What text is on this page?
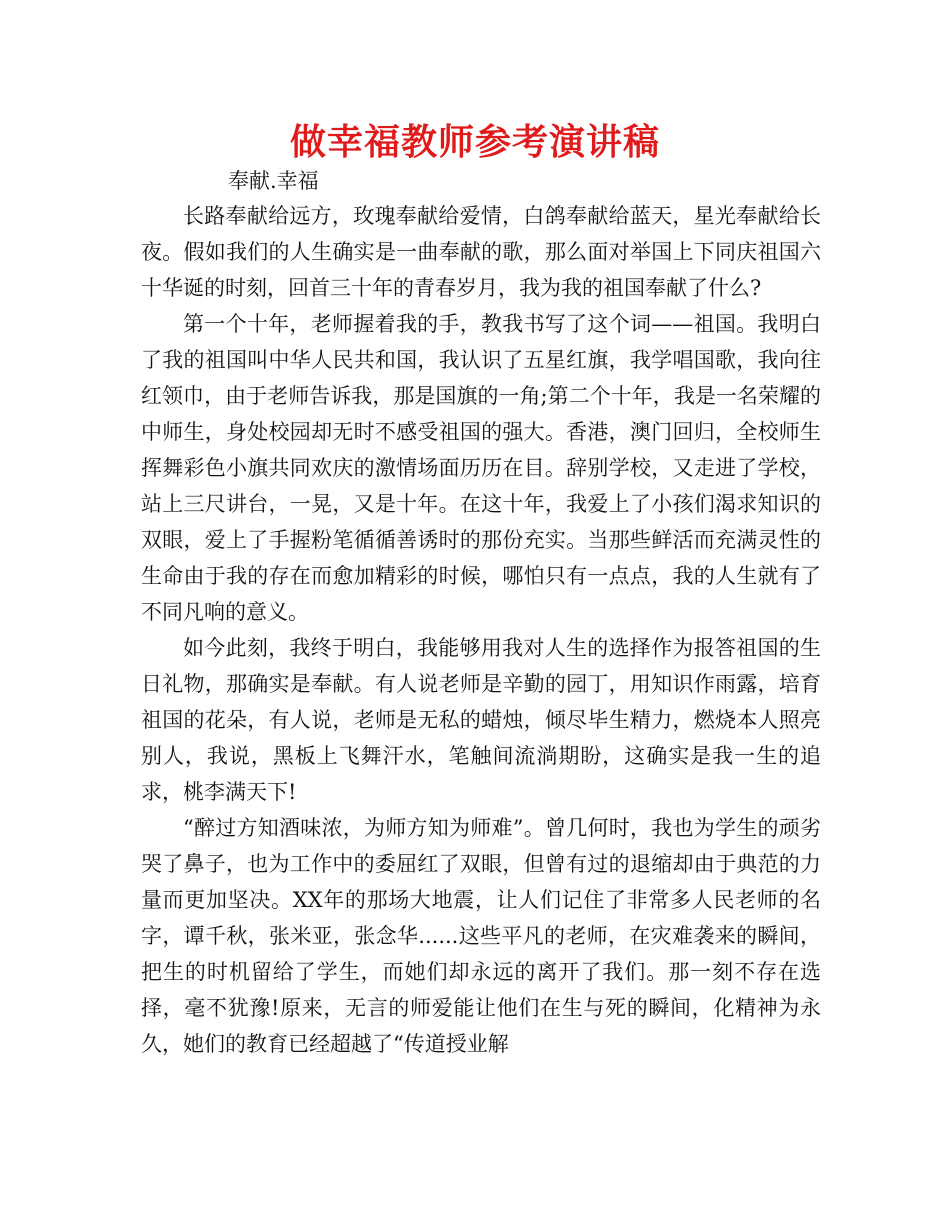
做幸福教师参考演讲稿
奉献.幸福

长路奉献给远方，玫瑰奉献给爱情，白鸽奉献给蓝天，星光奉献给长夜。假如我们的人生确实是一曲奉献的歌，那么面对举国上下同庆祖国六十华诞的时刻，回首三十年的青春岁月，我为我的祖国奉献了什么?

第一个十年，老师握着我的手，教我书写了这个词——祖国。我明白了我的祖国叫中华人民共和国，我认识了五星红旗，我学唱国歌，我向往红领巾，由于老师告诉我，那是国旗的一角;第二个十年，我是一名荣耀的中师生，身处校园却无时不感受祖国的强大。香港，澳门回归，全校师生挥舞彩色小旗共同欢庆的激情场面历历在目。辞别学校，又走进了学校，站上三尺讲台，一晃，又是十年。在这十年，我爱上了小孩们渴求知识的双眼，爱上了手握粉笔循循善诱时的那份充实。当那些鲜活而充满灵性的生命由于我的存在而愈加精彩的时候，哪怕只有一点点，我的人生就有了不同凡响的意义。

如今此刻，我终于明白，我能够用我对人生的选择作为报答祖国的生日礼物，那确实是奉献。有人说老师是辛勤的园丁，用知识作雨露，培育祖国的花朵，有人说，老师是无私的蜡烛，倾尽毕生精力，燃烧本人照亮别人，我说，黑板上飞舞汗水，笔触间流淌期盼，这确实是我一生的追求，桃李满天下!

“醉过方知酒味浓，为师方知为师难”。曾几何时，我也为学生的顽劣哭了鼻子，也为工作中的委屈红了双眼，但曾有过的退缩却由于典范的力量而更加坚决。XX年的那场大地震，让人们记住了非常多人民老师的名字，谭千秋，张米亚，张念华......这些平凡的老师，在灾难袭来的瞬间，把生的时机留给了学生，而她们却永远的离开了我们。那一刻不存在选择，毫不犹豫!原来，无言的师爱能让他们在生与死的瞬间，化精神为永久，她们的教育已经超越了“传道授业解
